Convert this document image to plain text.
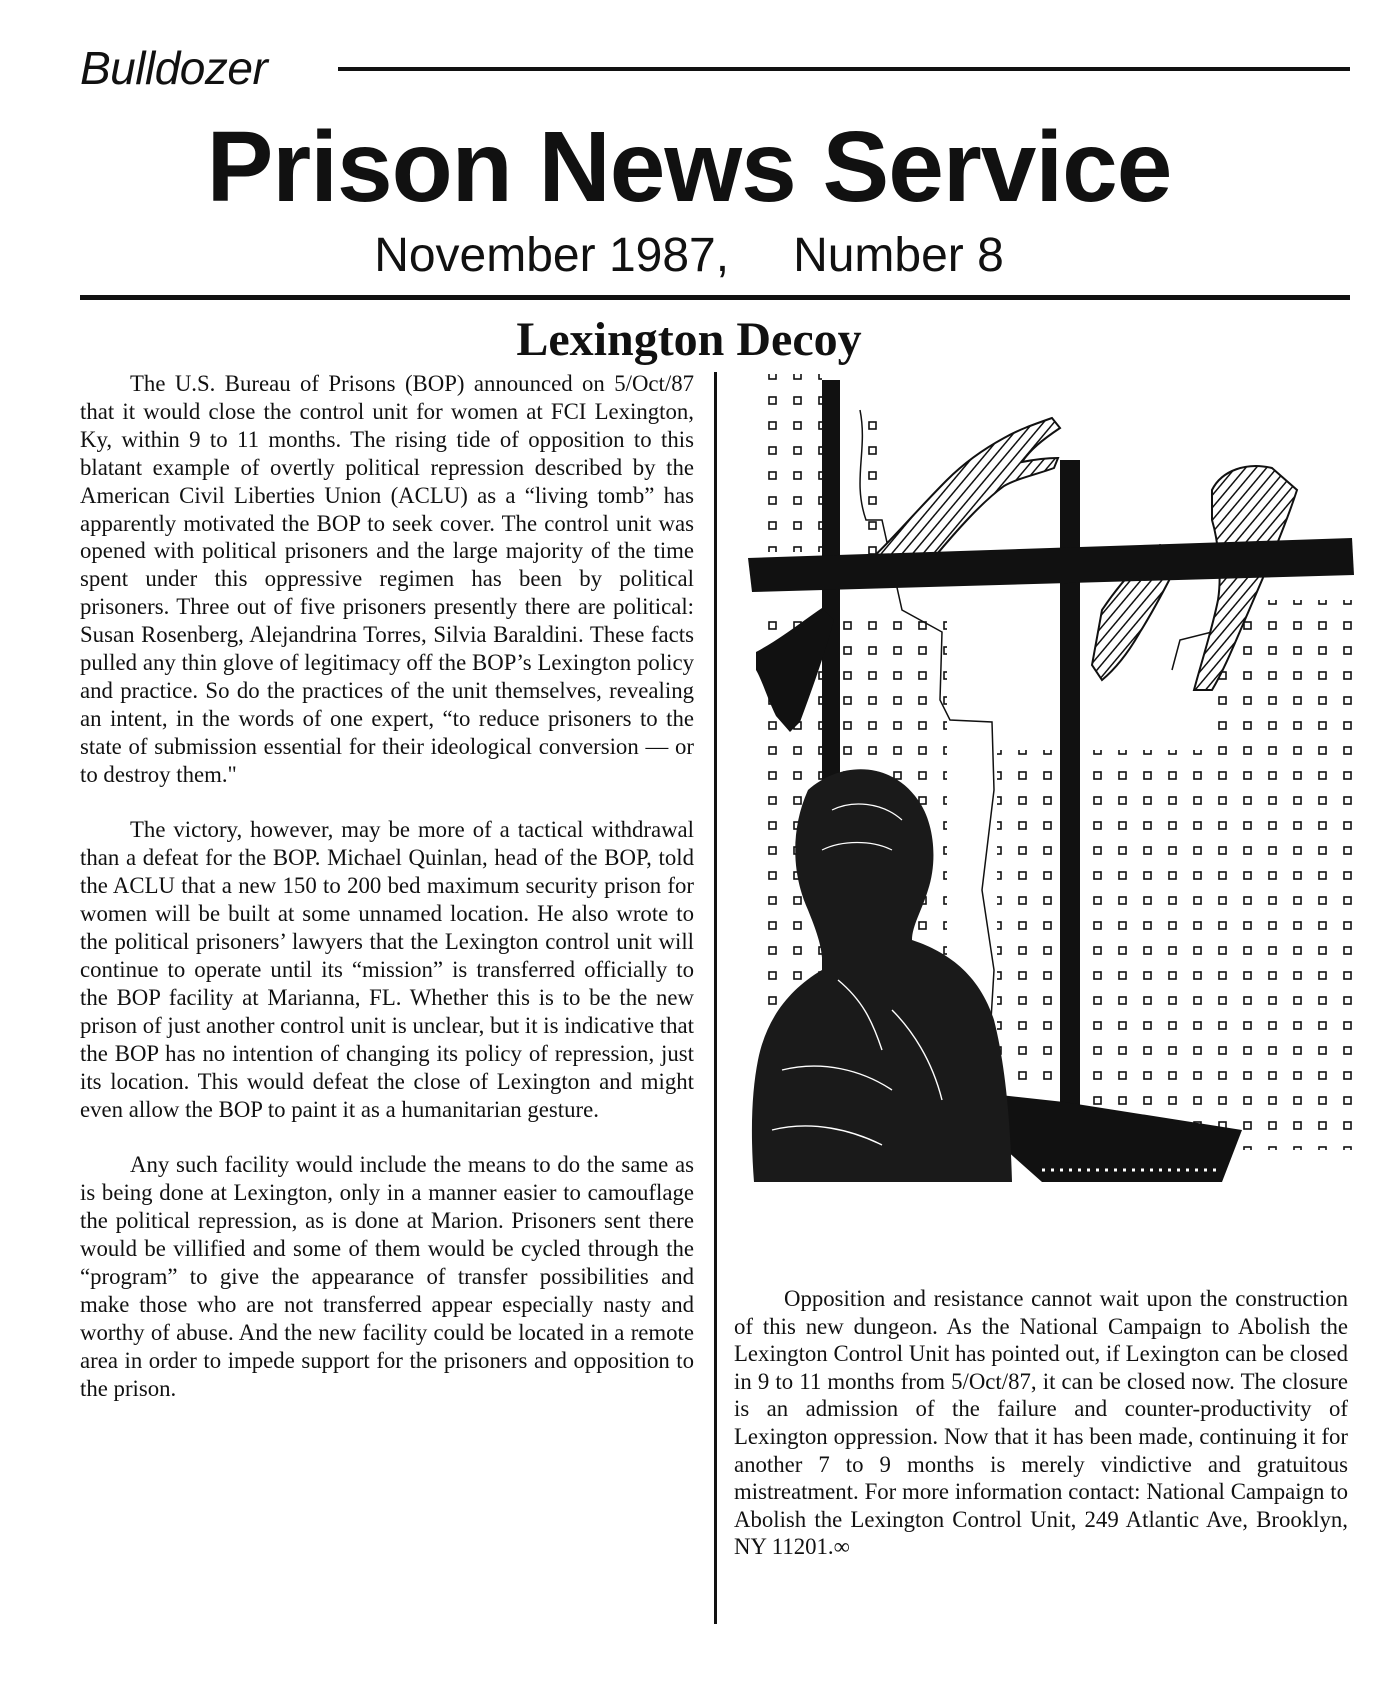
Bulldozer
Prison News Service
November 1987, Number 8
Lexington Decoy

The U.S. Bureau of Prisons (BOP) announced on 5/Oct/87 that it would close the control unit for women at FCI Lexington, Ky, within 9 to 11 months. The rising tide of opposition to this blatant example of overtly political repression described by the American Civil Liberties Union (ACLU) as a “living tomb” has apparently motivated the BOP to seek cover. The control unit was opened with political prisoners and the large majority of the time spent under this oppressive regimen has been by political prisoners. Three out of five prisoners presently there are political: Susan Rosenberg, Alejandrina Torres, Silvia Baraldini. These facts pulled any thin glove of legitimacy off the BOP’s Lexington policy and practice. So do the practices of the unit themselves, revealing an intent, in the words of one expert, “to reduce prisoners to the state of submission essential for their ideological conversion — or to destroy them."

The victory, however, may be more of a tactical withdrawal than a defeat for the BOP. Michael Quinlan, head of the BOP, told the ACLU that a new 150 to 200 bed maximum security prison for women will be built at some unnamed location. He also wrote to the political prisoners’ lawyers that the Lexington control unit will continue to operate until its “mission” is transferred officially to the BOP facility at Marianna, FL. Whether this is to be the new prison of just another control unit is unclear, but it is indicative that the BOP has no intention of changing its policy of repression, just its location. This would defeat the close of Lexington and might even allow the BOP to paint it as a humanitarian gesture.

Any such facility would include the means to do the same as is being done at Lexington, only in a manner easier to camouflage the political repression, as is done at Marion. Prisoners sent there would be villified and some of them would be cycled through the “program” to give the appearance of transfer possibilities and make those who are not transferred appear especially nasty and worthy of abuse. And the new facility could be located in a remote area in order to impede support for the prisoners and opposition to the prison.

Opposition and resistance cannot wait upon the construction of this new dungeon. As the National Campaign to Abolish the Lexington Control Unit has pointed out, if Lexington can be closed in 9 to 11 months from 5/Oct/87, it can be closed now. The closure is an admission of the failure and counter-productivity of Lexington oppression. Now that it has been made, continuing it for another 7 to 9 months is merely vindictive and gratuitous mistreatment. For more information contact: National Campaign to Abolish the Lexington Control Unit, 249 Atlantic Ave, Brooklyn, NY 11201.∞
